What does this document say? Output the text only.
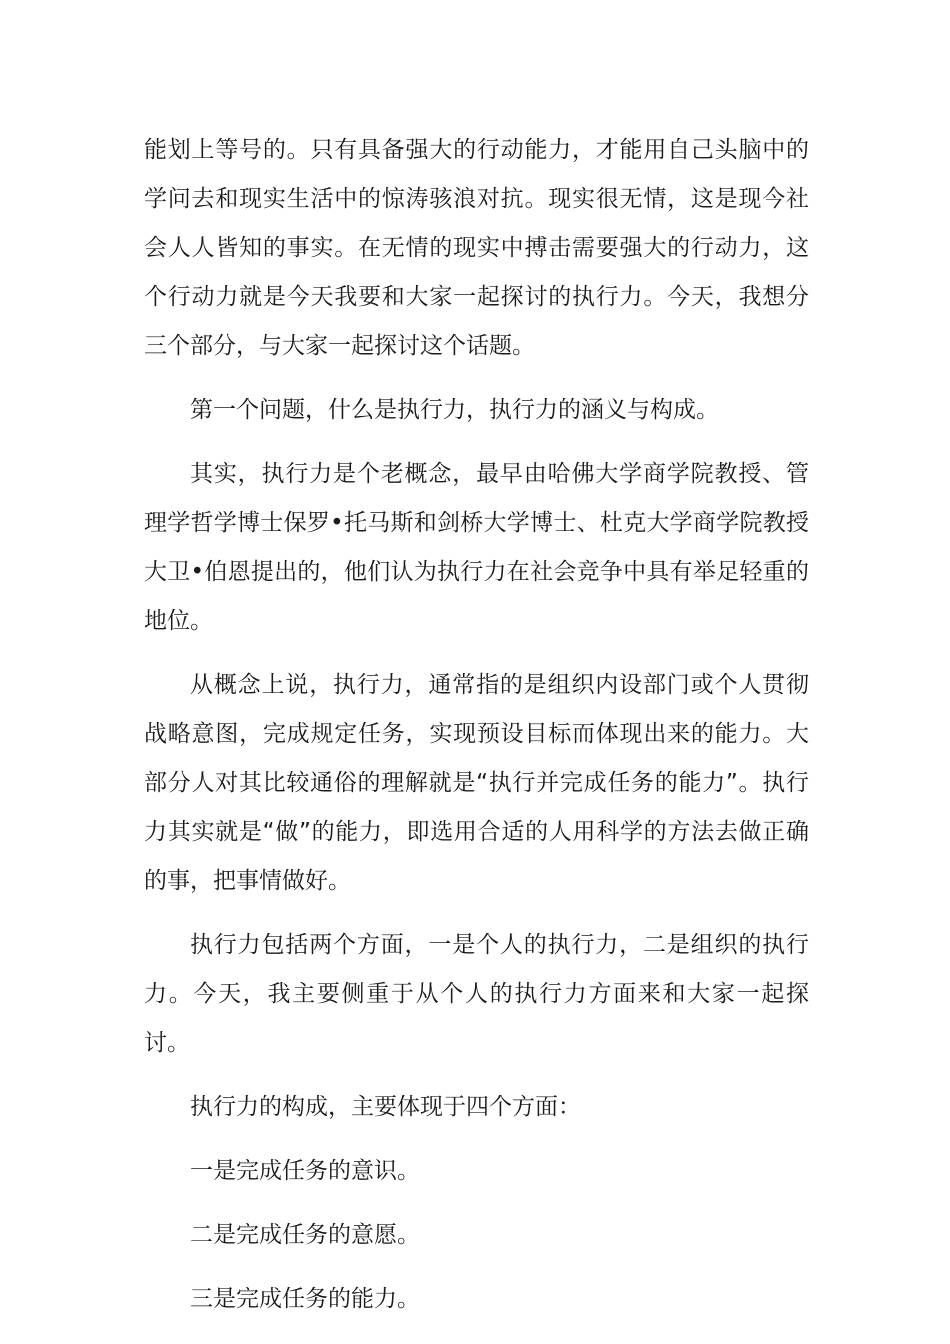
能划上等号的。只有具备强大的行动能力，才能用自己头脑中的学问去和现实生活中的惊涛骇浪对抗。现实很无情，这是现今社会人人皆知的事实。在无情的现实中搏击需要强大的行动力，这个行动力就是今天我要和大家一起探讨的执行力。今天，我想分三个部分，与大家一起探讨这个话题。

第一个问题，什么是执行力，执行力的涵义与构成。

其实，执行力是个老概念，最早由哈佛大学商学院教授、管理学哲学博士保罗•托马斯和剑桥大学博士、杜克大学商学院教授大卫•伯恩提出的，他们认为执行力在社会竞争中具有举足轻重的地位。

从概念上说，执行力，通常指的是组织内设部门或个人贯彻战略意图，完成规定任务，实现预设目标而体现出来的能力。大部分人对其比较通俗的理解就是“执行并完成任务的能力”。执行力其实就是“做”的能力，即选用合适的人用科学的方法去做正确的事，把事情做好。

执行力包括两个方面，一是个人的执行力，二是组织的执行力。今天，我主要侧重于从个人的执行力方面来和大家一起探讨。

执行力的构成，主要体现于四个方面：

一是完成任务的意识。

二是完成任务的意愿。

三是完成任务的能力。
